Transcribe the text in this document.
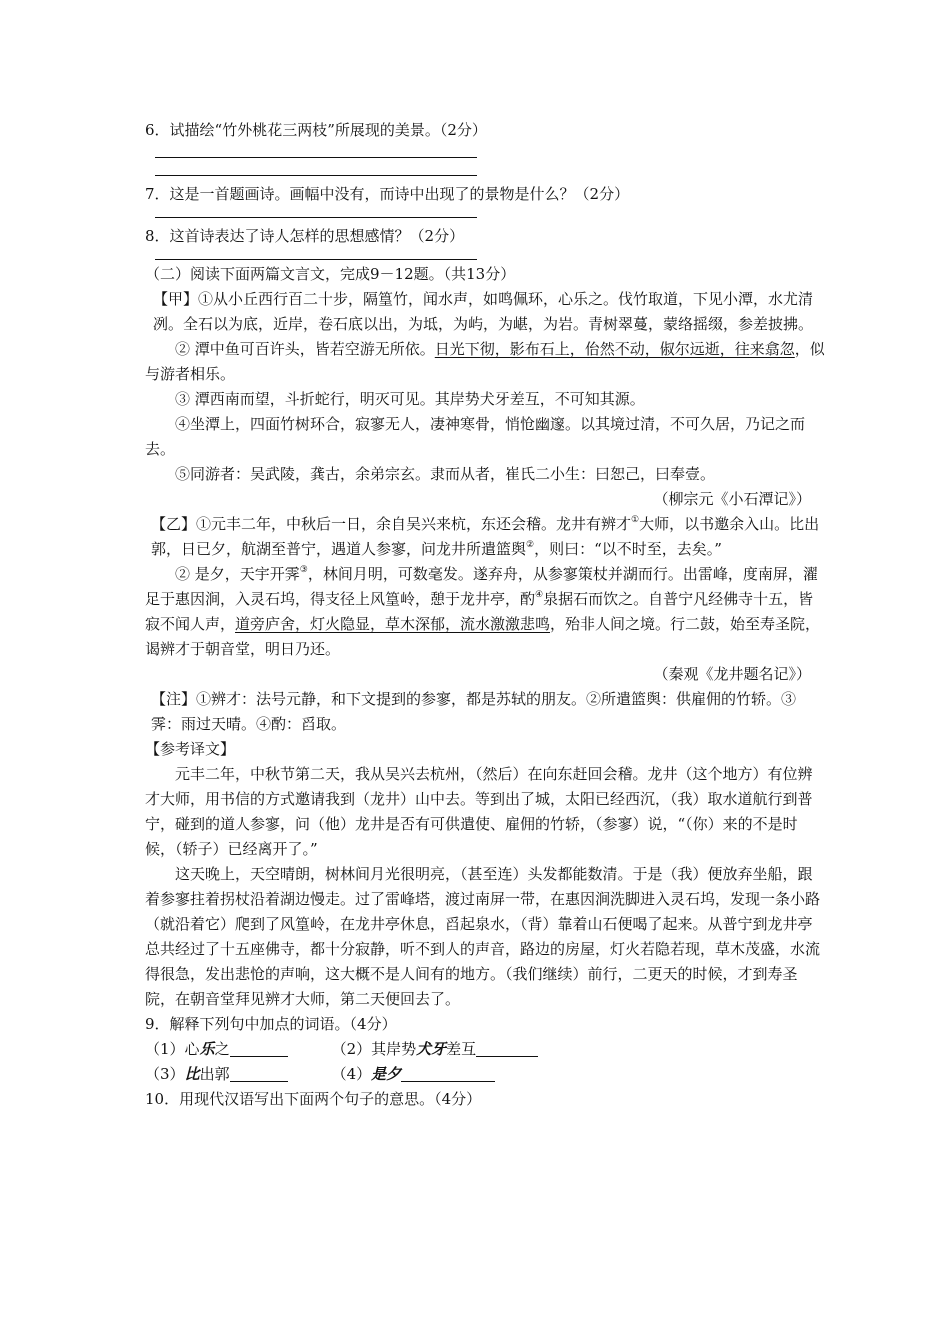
6．试描绘“竹外桃花三两枝”所展现的美景。（2分）
7．这是一首题画诗。画幅中没有，而诗中出现了的景物是什么？（2分）
8．这首诗表达了诗人怎样的思想感情？（2分）
（二）阅读下面两篇文言文，完成9－12题。（共13分）

【甲】①从小丘西行百二十步，隔篁竹，闻水声，如鸣佩环，心乐之。伐竹取道，下见小潭，水尤清冽。全石以为底，近岸，卷石底以出，为坻，为屿，为嵁，为岩。青树翠蔓，蒙络摇缀，参差披拂。

② 潭中鱼可百许头，皆若空游无所依。日光下彻，影布石上，佁然不动，俶尔远逝，往来翕忽，似与游者相乐。

③ 潭西南而望，斗折蛇行，明灭可见。其岸势犬牙差互，不可知其源。

④坐潭上，四面竹树环合，寂寥无人，凄神寒骨，悄怆幽邃。以其境过清，不可久居，乃记之而去。

⑤同游者：吴武陵，龚古，余弟宗玄。隶而从者，崔氏二小生：曰恕己，曰奉壹。

（柳宗元《小石潭记》）

【乙】①元丰二年，中秋后一日，余自吴兴来杭，东还会稽。龙井有辨才①大师，以书邀余入山。比出郭，日已夕，航湖至普宁，遇道人参寥，问龙井所遣篮舆②，则曰：“以不时至，去矣。”

② 是夕，天宇开霁③，林间月明，可数毫发。遂弃舟，从参寥策杖并湖而行。出雷峰，度南屏，濯足于惠因涧，入灵石坞，得支径上风篁岭，憩于龙井亭，酌④泉据石而饮之。自普宁凡经佛寺十五，皆寂不闻人声，道旁庐舍，灯火隐显，草木深郁，流水激激悲鸣，殆非人间之境。行二鼓，始至寿圣院，谒辨才于朝音堂，明日乃还。

（秦观《龙井题名记》）

【注】①辨才：法号元静，和下文提到的参寥，都是苏轼的朋友。②所遣篮舆：供雇佣的竹轿。③霁：雨过天晴。④酌：舀取。

【参考译文】

元丰二年，中秋节第二天，我从吴兴去杭州，（然后）在向东赶回会稽。龙井（这个地方）有位辨才大师，用书信的方式邀请我到（龙井）山中去。等到出了城，太阳已经西沉，（我）取水道航行到普宁，碰到的道人参寥，问（他）龙井是否有可供遣使、雇佣的竹轿，（参寥）说，“（你）来的不是时候，（轿子）已经离开了。”

这天晚上，天空晴朗，树林间月光很明亮，（甚至连）头发都能数清。于是（我）便放弃坐船，跟着参寥拄着拐杖沿着湖边慢走。过了雷峰塔，渡过南屏一带，在惠因涧洗脚进入灵石坞，发现一条小路（就沿着它）爬到了风篁岭，在龙井亭休息，舀起泉水，（背）靠着山石便喝了起来。从普宁到龙井亭总共经过了十五座佛寺，都十分寂静，听不到人的声音，路边的房屋，灯火若隐若现，草木茂盛，水流得很急，发出悲怆的声响，这大概不是人间有的地方。（我们继续）前行，二更天的时候，才到寿圣院，在朝音堂拜见辨才大师，第二天便回去了。

9．解释下列句中加点的词语。（4分）
（1）心乐之	（2）其岸势犬牙差互
（3）比出郭	（4）是夕
10．用现代汉语写出下面两个句子的意思。（4分）
